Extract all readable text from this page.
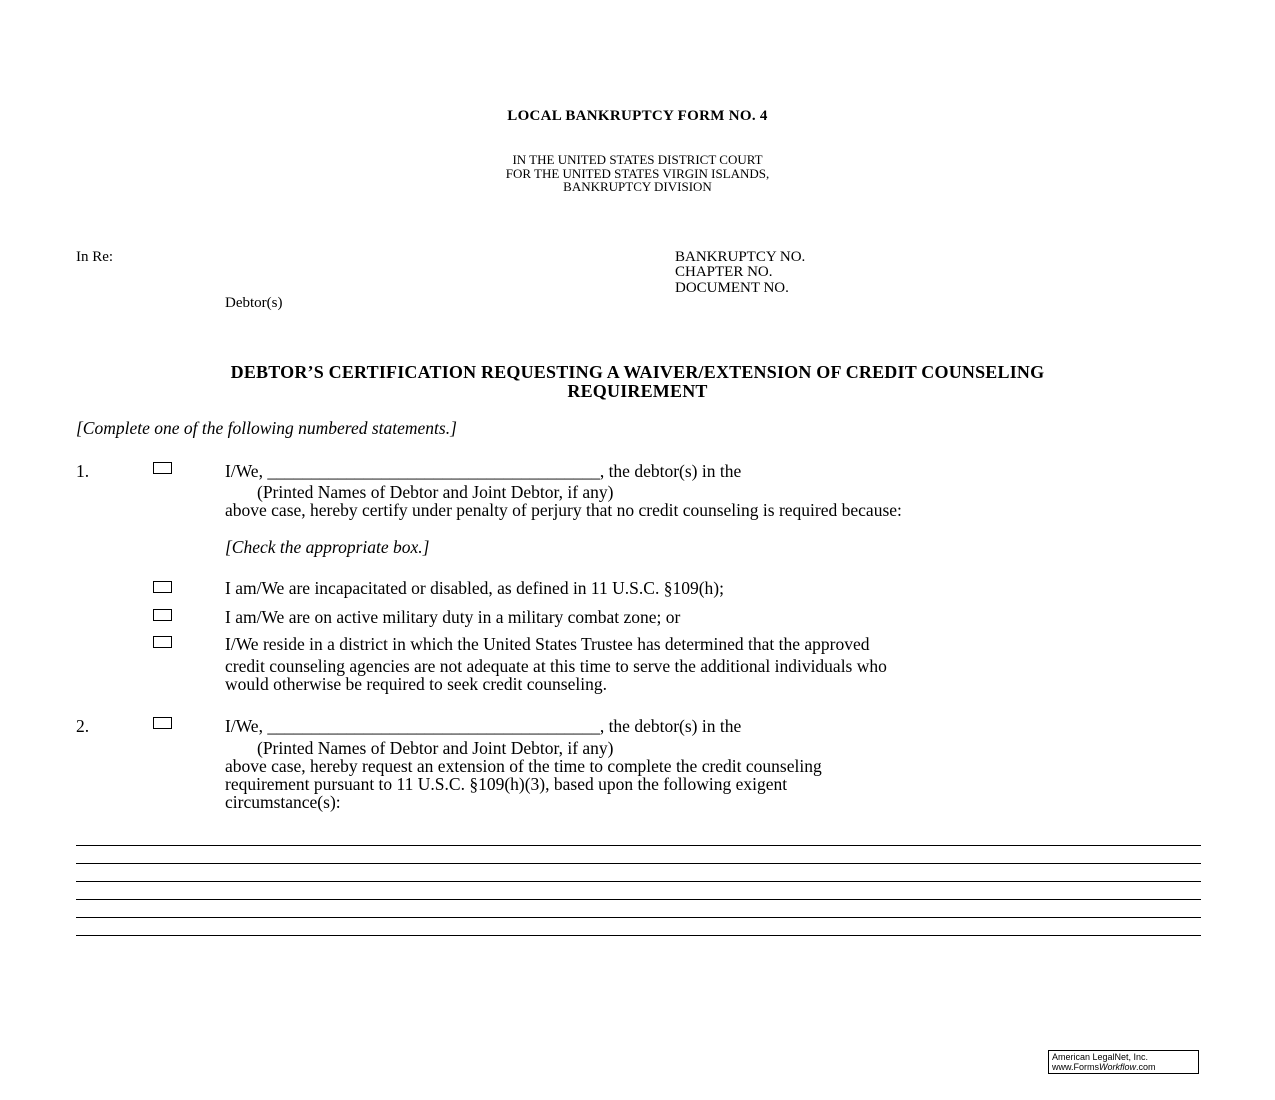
LOCAL BANKRUPTCY FORM NO. 4
IN THE UNITED STATES DISTRICT COURT
FOR THE UNITED STATES VIRGIN ISLANDS,
BANKRUPTCY DIVISION
In Re:
Debtor(s)
BANKRUPTCY NO.
CHAPTER NO.
DOCUMENT NO.
DEBTOR’S CERTIFICATION REQUESTING A WAIVER/EXTENSION OF CREDIT COUNSELING
REQUIREMENT
[Complete one of the following numbered statements.]
1.	I/We, ______________________________________, the debtor(s) in the
(Printed Names of Debtor and Joint Debtor, if any)
above case, hereby certify under penalty of perjury that no credit counseling is required because:
[Check the appropriate box.]
I am/We are incapacitated or disabled, as defined in 11 U.S.C. §109(h);
I am/We are on active military duty in a military combat zone; or
I/We reside in a district in which the United States Trustee has determined that the approved
credit counseling agencies are not adequate at this time to serve the additional individuals who
would otherwise be required to seek credit counseling.
2.	I/We, ______________________________________, the debtor(s) in the
(Printed Names of Debtor and Joint Debtor, if any)
above case, hereby request an extension of the time to complete the credit counseling
requirement pursuant to 11 U.S.C. §109(h)(3), based upon the following exigent
circumstance(s):
American LegalNet, Inc.
www.FormsWorkflow.com
